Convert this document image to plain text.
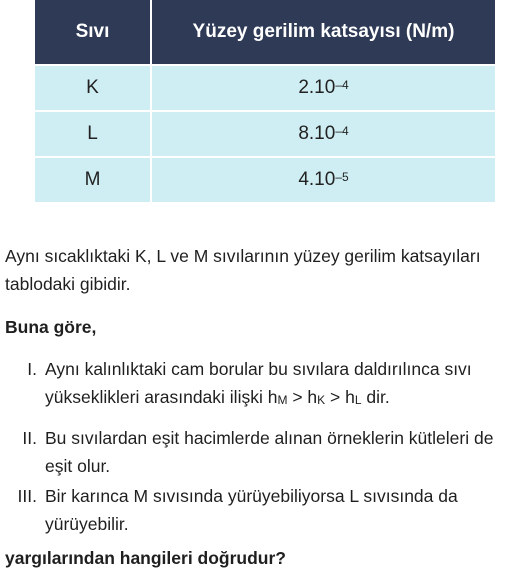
Sıvı	Yüzey gerilim katsayısı (N/m)
K	$2.10^{-4}$
L	$8.10^{-4}$
M	$4.10^{-5}$
Aynı sıcaklıktaki K, L ve M sıvılarının yüzey gerilim katsayıları tablodaki gibidir.
Buna göre,
I. Aynı kalınlıktaki cam borular bu sıvılara daldırılınca sıvı yükseklikleri arasındaki ilişki $h_M > h_K > h_L$ dir.
II. Bu sıvılardan eşit hacimlerde alınan örneklerin kütleleri de eşit olur.
III. Bir karınca M sıvısında yürüyebiliyorsa L sıvısında da yürüyebilir.
yargılarından hangileri doğrudur?
